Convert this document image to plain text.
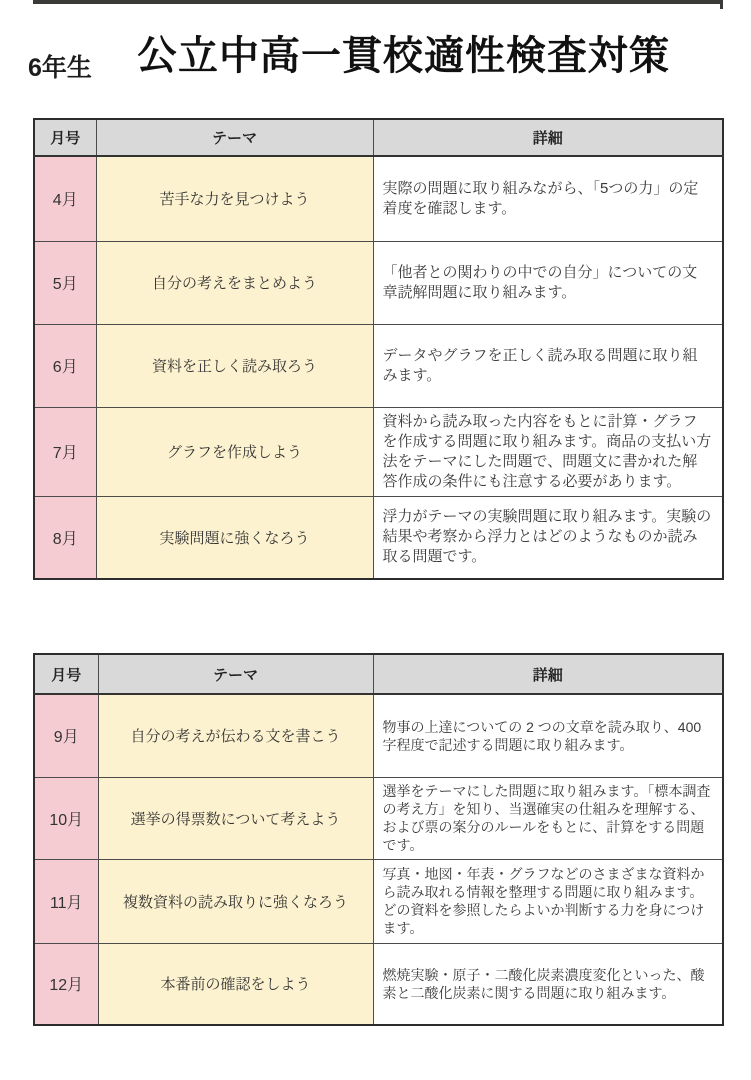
6年生 公立中高一貫校適性検査対策
月号	テーマ	詳細
4月	苦手な力を見つけよう	実際の問題に取り組みながら、「5つの力」の定着度を確認します。
5月	自分の考えをまとめよう	「他者との関わりの中での自分」についての文章読解問題に取り組みます。
6月	資料を正しく読み取ろう	データやグラフを正しく読み取る問題に取り組みます。
7月	グラフを作成しよう	資料から読み取った内容をもとに計算・グラフを作成する問題に取り組みます。商品の支払い方法をテーマにした問題で、問題文に書かれた解答作成の条件にも注意する必要があります。
8月	実験問題に強くなろう	浮力がテーマの実験問題に取り組みます。実験の結果や考察から浮力とはどのようなものか読み取る問題です。
月号	テーマ	詳細
9月	自分の考えが伝わる文を書こう	物事の上達についての 2 つの文章を読み取り、400 字程度で記述する問題に取り組みます。
10月	選挙の得票数について考えよう	選挙をテーマにした問題に取り組みます。「標本調査の考え方」を知り、当選確実の仕組みを理解する、および票の案分のルールをもとに、計算をする問題です。
11月	複数資料の読み取りに強くなろう	写真・地図・年表・グラフなどのさまざまな資料から読み取れる情報を整理する問題に取り組みます。どの資料を参照したらよいか判断する力を身につけます。
12月	本番前の確認をしよう	燃焼実験・原子・二酸化炭素濃度変化といった、酸素と二酸化炭素に関する問題に取り組みます。
